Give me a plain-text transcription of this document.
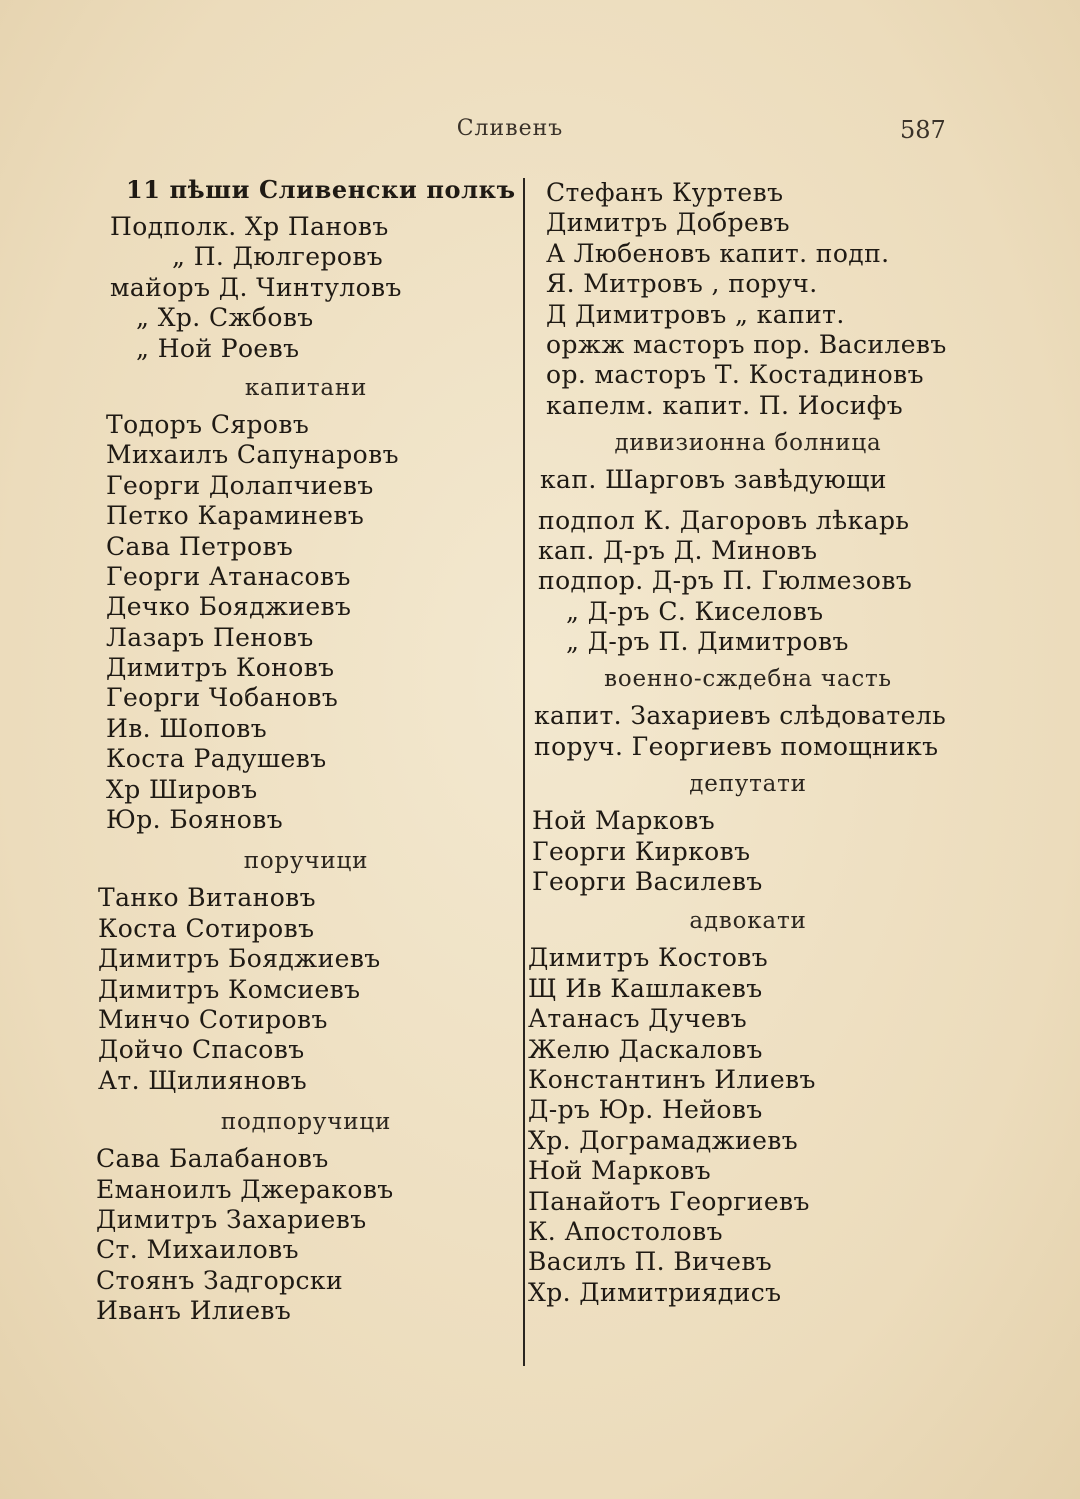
Сливенъ	587
11 пѣши Сливенски полкъ
Подполк. Хр Пановъ
„ П. Дюлгеровъ
майоръ Д. Чинтуловъ
„ Хр. Сжбовъ
„ Ной Роевъ
капитани
Тодоръ Сяровъ
Михаилъ Сапунаровъ
Георги Долапчиевъ
Петко Караминевъ
Сава Петровъ
Георги Атанасовъ
Дечко Бояджиевъ
Лазаръ Пеновъ
Димитръ Коновъ
Георги Чобановъ
Ив. Шоповъ
Коста Радушевъ
Хр Шировъ
Юр. Бояновъ
поручици
Танко Витановъ
Коста Сотировъ
Димитръ Бояджиевъ
Димитръ Комсиевъ
Минчо Сотировъ
Дойчо Спасовъ
Ат. Щилияновъ
подпоручици
Сава Балабановъ
Еманоилъ Джераковъ
Димитръ Захариевъ
Ст. Михаиловъ
Стоянъ Задгорски
Иванъ Илиевъ
Стефанъ Куртевъ
Димитръ Добревъ
А Любеновъ капит. подп.
Я. Митровъ , поруч.
Д Димитровъ „ капит.
оржж масторъ пор. Василевъ
ор. масторъ Т. Костадиновъ
капелм. капит. П. Иосифъ
дивизионна болница
кап. Шарговъ завѣдующи
подпол К. Дагоровъ лѣкарь
кап. Д-ръ Д. Миновъ
подпор. Д-ръ П. Гюлмезовъ
„ Д-ръ С. Киселовъ
„ Д-ръ П. Димитровъ
военно-сждебна часть
капит. Захариевъ слѣдователь
поруч. Георгиевъ помощникъ
депутати
Ной Марковъ
Георги Кирковъ
Георги Василевъ
адвокати
Димитръ Костовъ
Щ Ив Кашлакевъ
Атанасъ Дучевъ
Желю Даскаловъ
Константинъ Илиевъ
Д-ръ Юр. Нейовъ
Хр. Дограмаджиевъ
Ной Марковъ
Панайотъ Георгиевъ
К. Апостоловъ
Василъ П. Вичевъ
Хр. Димитриядисъ
